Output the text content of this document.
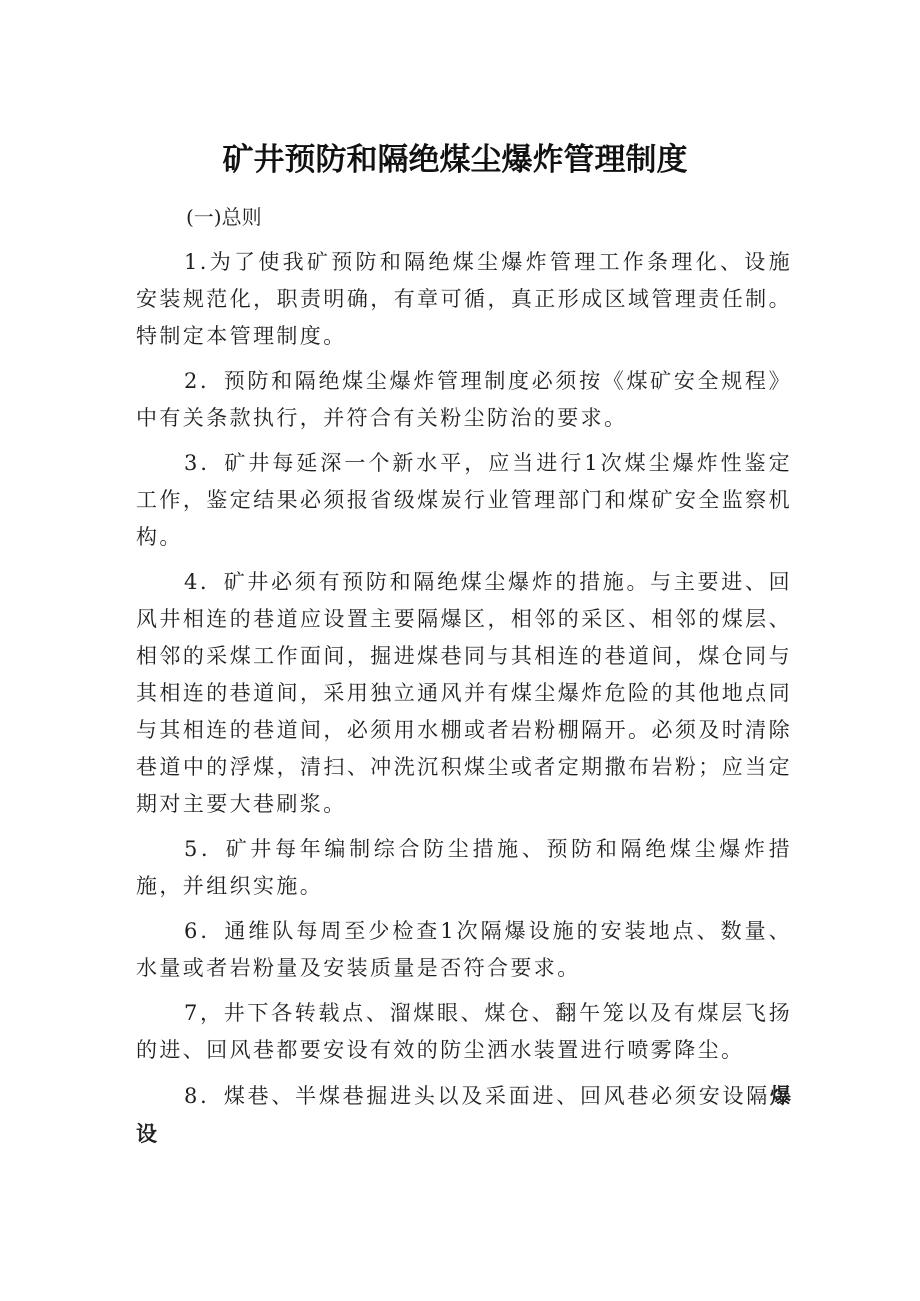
矿井预防和隔绝煤尘爆炸管理制度

(一)总则

1.为了使我矿预防和隔绝煤尘爆炸管理工作条理化、设施安装规范化，职责明确，有章可循，真正形成区域管理责任制。特制定本管理制度。

2．预防和隔绝煤尘爆炸管理制度必须按《煤矿安全规程》中有关条款执行，并符合有关粉尘防治的要求。

3．矿井每延深一个新水平，应当进行1次煤尘爆炸性鉴定工作，鉴定结果必须报省级煤炭行业管理部门和煤矿安全监察机构。

4．矿井必须有预防和隔绝煤尘爆炸的措施。与主要进、回风井相连的巷道应设置主要隔爆区，相邻的采区、相邻的煤层、相邻的采煤工作面间，掘进煤巷同与其相连的巷道间，煤仓同与其相连的巷道间，采用独立通风并有煤尘爆炸危险的其他地点同与其相连的巷道间，必须用水棚或者岩粉棚隔开。必须及时清除巷道中的浮煤，清扫、冲洗沉积煤尘或者定期撒布岩粉；应当定期对主要大巷刷浆。

5．矿井每年编制综合防尘措施、预防和隔绝煤尘爆炸措施，并组织实施。

6．通维队每周至少检查1次隔爆设施的安装地点、数量、水量或者岩粉量及安装质量是否符合要求。

7，井下各转载点、溜煤眼、煤仓、翻午笼以及有煤层飞扬的进、回风巷都要安设有效的防尘洒水装置进行喷雾降尘。

8．煤巷、半煤巷掘进头以及采面进、回风巷必须安设隔爆设
